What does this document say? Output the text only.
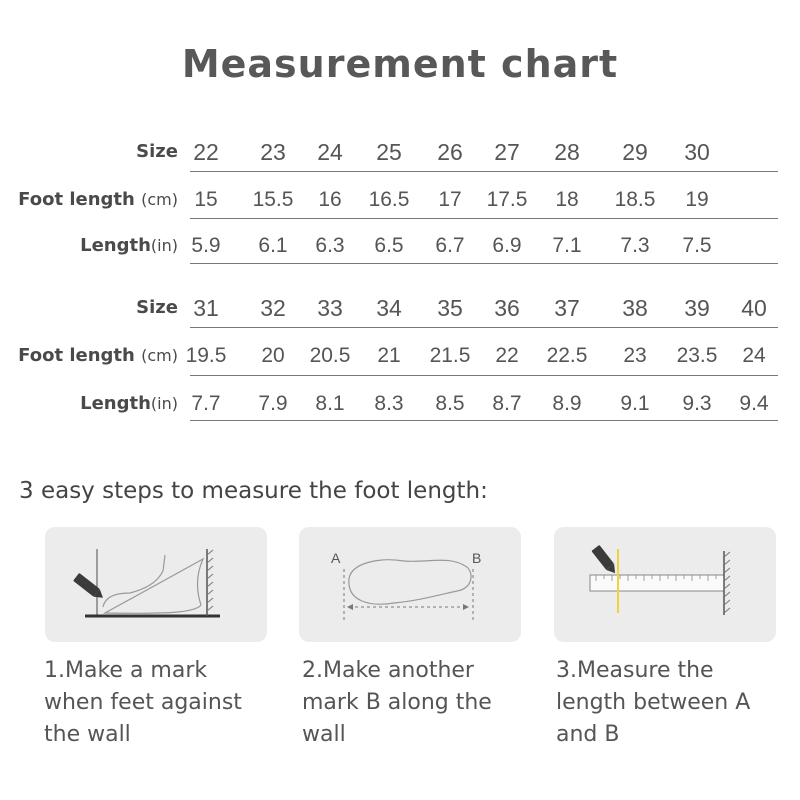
Measurement chart
Size 22	23	24	25	26	27	28	29	30
Foot length (cm) 15	15.5	16	16.5	17	17.5	18	18.5	19
Length(in) 5.9	6.1	6.3	6.5	6.7	6.9	7.1	7.3	7.5
Size 31	32	33	34	35	36	37	38	39	40
Foot length (cm) 19.5	20	20.5	21	21.5	22	22.5	23	23.5	24
Length(in) 7.7	7.9	8.1	8.3	8.5	8.7	8.9	9.1	9.3	9.4
3 easy steps to measure the foot length:
A	B
1.Make a mark
when feet against
the wall
2.Make another
mark B along the
wall
3.Measure the
length between A
and B
